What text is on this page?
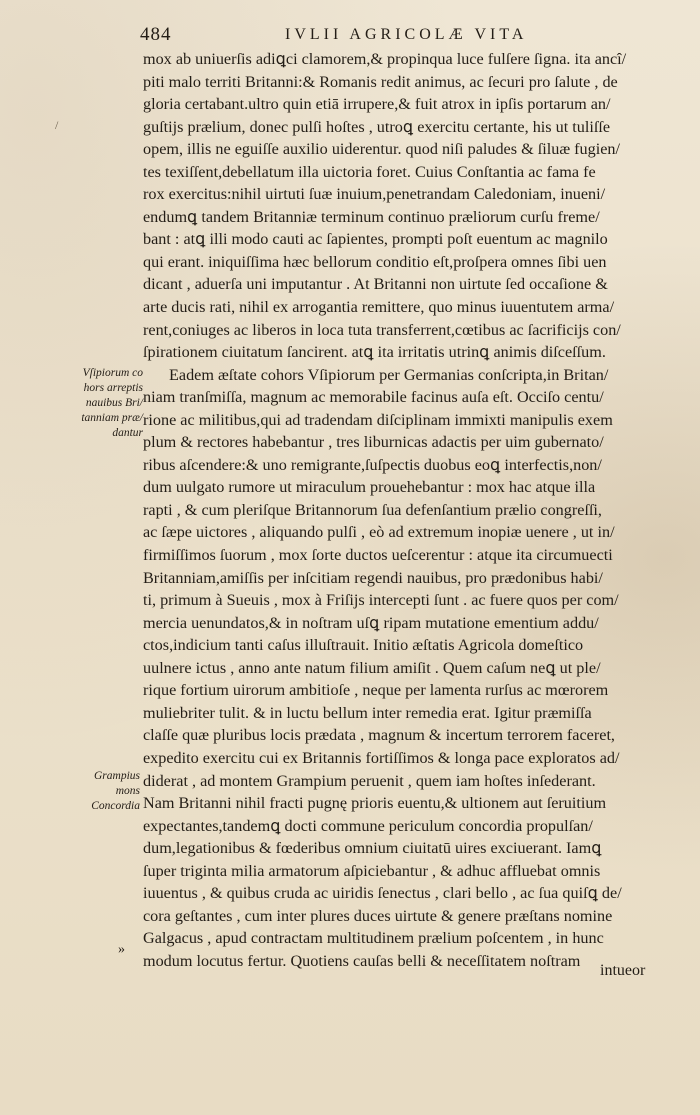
484	IVLII AGRICOLÆ VITA
mox ab uniuerſis adiꝗci clamorem,& propinqua luce fulſere ſigna. ita ancî/
piti malo territi Britanni:& Romanis redit animus, ac ſecuri pro ſalute , de
gloria certabant.ultro quin etiā irrupere,& fuit atrox in ipſis portarum an/
guſtijs prælium, donec pulſi hoſtes , utroꝗ exercitu certante, his ut tuliſſe
opem, illis ne eguiſſe auxilio uiderentur. quod niſi paludes & ſiluæ fugien/
tes texiſſent,debellatum illa uictoria foret. Cuius Conſtantia ac fama fe
rox exercitus:nihil uirtuti ſuæ inuium,penetrandam Caledoniam, inueni/
endumꝗ tandem Britanniæ terminum continuo præliorum curſu freme/
bant : atꝗ illi modo cauti ac ſapientes, prompti poſt euentum ac magnilo
qui erant. iniquiſſima hæc bellorum conditio eſt,proſpera omnes ſibi uen
dicant , aduerſa uni imputantur . At Britanni non uirtute ſed occaſione &
arte ducis rati, nihil ex arrogantia remittere, quo minus iuuentutem arma/
rent,coniuges ac liberos in loca tuta transferrent,cœtibus ac ſacrificijs con/
ſpirationem ciuitatum ſancirent. atꝗ ita irritatis utrinꝗ animis diſceſſum.
Eadem æſtate cohors Vſipiorum per Germanias conſcripta,in Britan/
niam tranſmiſſa, magnum ac memorabile facinus auſa eſt. Occiſo centu/
rione ac militibus,qui ad tradendam diſciplinam immixti manipulis exem
plum & rectores habebantur , tres liburnicas adactis per uim gubernato/
ribus aſcendere:& uno remigrante,ſuſpectis duobus eoꝗ interfectis,non/
dum uulgato rumore ut miraculum prouehebantur : mox hac atque illa
rapti , & cum pleriſque Britannorum ſua defenſantium prælio congreſſi,
ac ſæpe uictores , aliquando pulſi , eò ad extremum inopiæ uenere , ut in/
firmiſſimos ſuorum , mox ſorte ductos ueſcerentur : atque ita circumuecti
Britanniam,amiſſis per inſcitiam regendi nauibus, pro prædonibus habi/
ti, primum à Sueuis , mox à Friſijs intercepti ſunt . ac fuere quos per com/
mercia uenundatos,& in noſtram uſꝗ ripam mutatione ementium addu/
ctos,indicium tanti caſus illuſtrauit. Initio æſtatis Agricola domeſtico
uulnere ictus , anno ante natum filium amiſit . Quem caſum neꝗ ut ple/
rique fortium uirorum ambitioſe , neque per lamenta rurſus ac mœrorem
muliebriter tulit. & in luctu bellum inter remedia erat. Igitur præmiſſa
claſſe quæ pluribus locis prædata , magnum & incertum terrorem faceret,
expedito exercitu cui ex Britannis fortiſſimos & longa pace exploratos ad/
diderat , ad montem Grampium peruenit , quem iam hoſtes inſederant.
Nam Britanni nihil fracti pugnę prioris euentu,& ultionem aut ſeruitium
expectantes,tandemꝗ docti commune periculum concordia propulſan/
dum,legationibus & fœderibus omnium ciuitatū uires exciuerant. Iamꝗ
ſuper triginta milia armatorum aſpiciebantur , & adhuc affluebat omnis
iuuentus , & quibus cruda ac uiridis ſenectus , clari bello , ac ſua quiſꝗ de/
cora geſtantes , cum inter plures duces uirtute & genere præſtans nomine
Galgacus , apud contractam multitudinem prælium poſcentem , in hunc
modum locutus fertur. Quotiens cauſas belli & neceſſitatem noſtram
intueor
Vſipiorum co
hors arreptis
nauibus Bri/
tanniam præ/
dantur
Grampius
mons
Concordia
»
/
